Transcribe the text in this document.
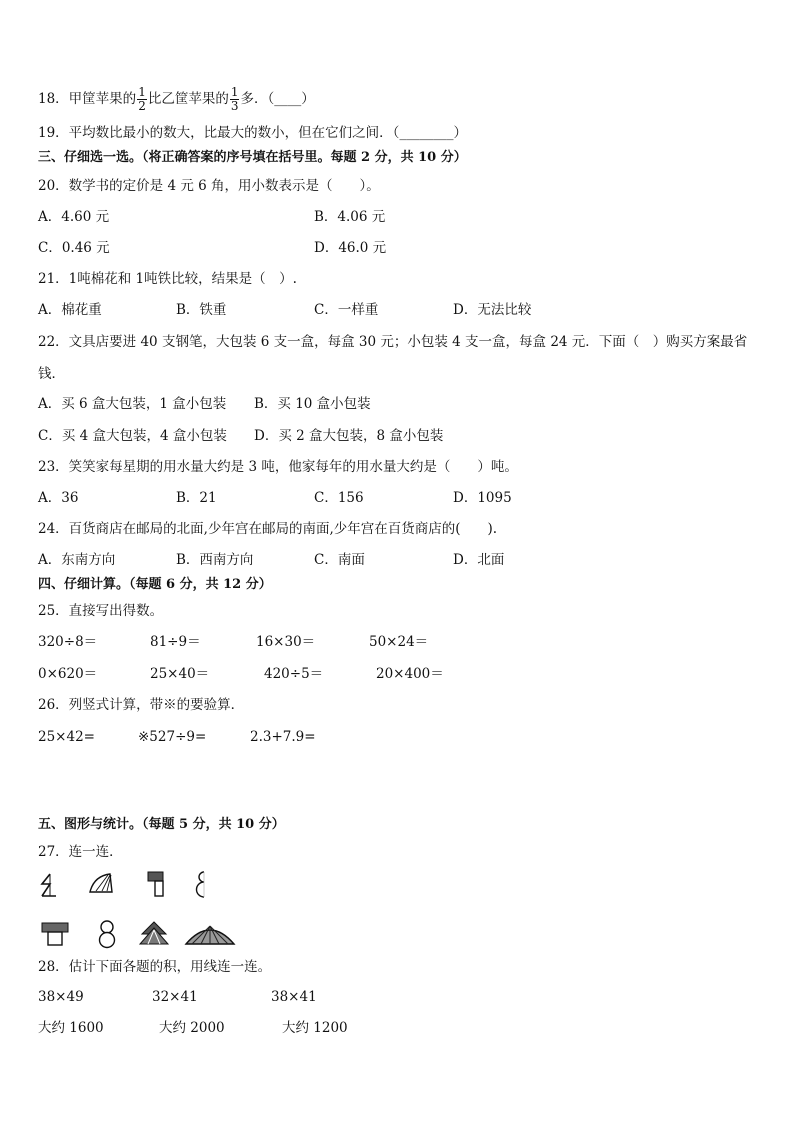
18．甲筐苹果的 $\frac{1}{2}$ 比乙筐苹果的 $\frac{1}{3}$ 多．（____）
19．平均数比最小的数大，比最大的数小，但在它们之间．（________）
三、仔细选一选。（将正确答案的序号填在括号里。每题 2 分，共 10 分）
20．数学书的定价是 4 元 6 角，用小数表示是（　　）。
A．4.60 元	B．4.06 元
C．0.46 元	D．46.0 元
21．1吨棉花和 1吨铁比较，结果是（　）.
A．棉花重	B．铁重	C．一样重	D．无法比较
22．文具店要进 40 支钢笔，大包装 6 支一盒，每盒 30 元；小包装 4 支一盒，每盒 24 元．下面（　）购买方案最省
钱．
A．买 6 盒大包装，1 盒小包装 B．买 10 盒小包装
C．买 4 盒大包装，4 盒小包装 D．买 2 盒大包装，8 盒小包装
23．笑笑家每星期的用水量大约是 3 吨，他家每年的用水量大约是（　　）吨。
A．36	B．21	C．156	D．1095
24．百货商店在邮局的北面,少年宫在邮局的南面,少年宫在百货商店的(　　).
A．东南方向	B．西南方向	C．南面	D．北面
四、仔细计算。（每题 6 分，共 12 分）
25．直接写出得数。
320÷8＝	81÷9＝	16×30＝	50×24＝
0×620＝	25×40＝	420÷5＝	20×400＝
26．列竖式计算，带※的要验算．
25×42=	※527÷9=	2.3+7.9=
五、图形与统计。（每题 5 分，共 10 分）
27．连一连．
28．估计下面各题的积，用线连一连。
38×49	32×41	38×41
大约 1600	大约 2000	大约 1200
